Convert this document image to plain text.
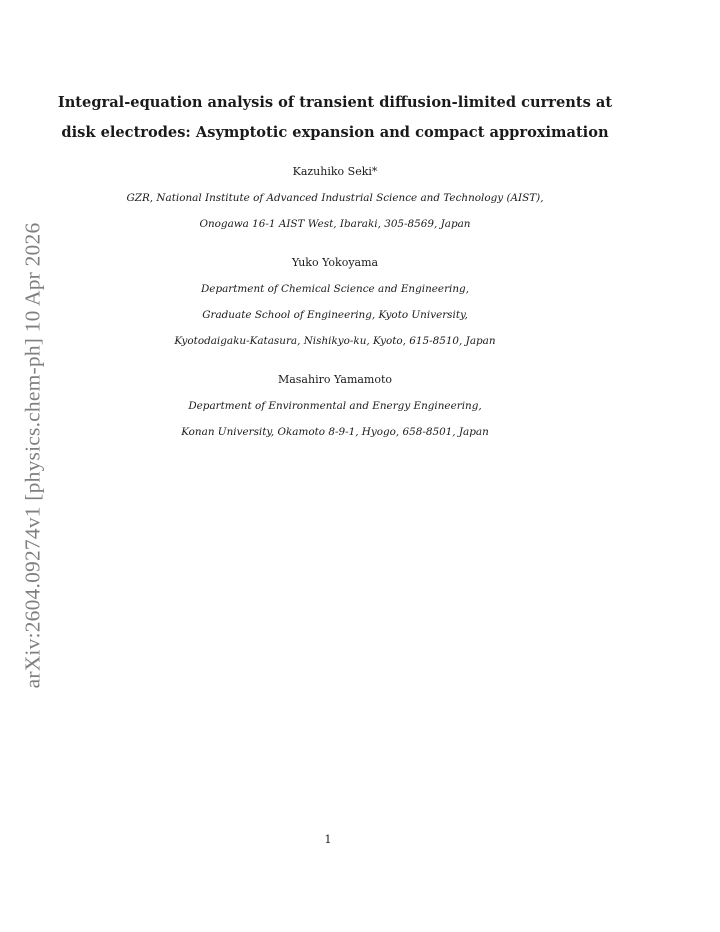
arXiv:2604.09274v1 [physics.chem-ph] 10 Apr 2026
Integral-equation analysis of transient diffusion-limited currents at
disk electrodes: Asymptotic expansion and compact approximation
Kazuhiko Seki*
GZR, National Institute of Advanced Industrial Science and Technology (AIST),
Onogawa 16-1 AIST West, Ibaraki, 305-8569, Japan
Yuko Yokoyama
Department of Chemical Science and Engineering,
Graduate School of Engineering, Kyoto University,
Kyotodaigaku-Katasura, Nishikyo-ku, Kyoto, 615-8510, Japan
Masahiro Yamamoto
Department of Environmental and Energy Engineering,
Konan University, Okamoto 8-9-1, Hyogo, 658-8501, Japan
1
